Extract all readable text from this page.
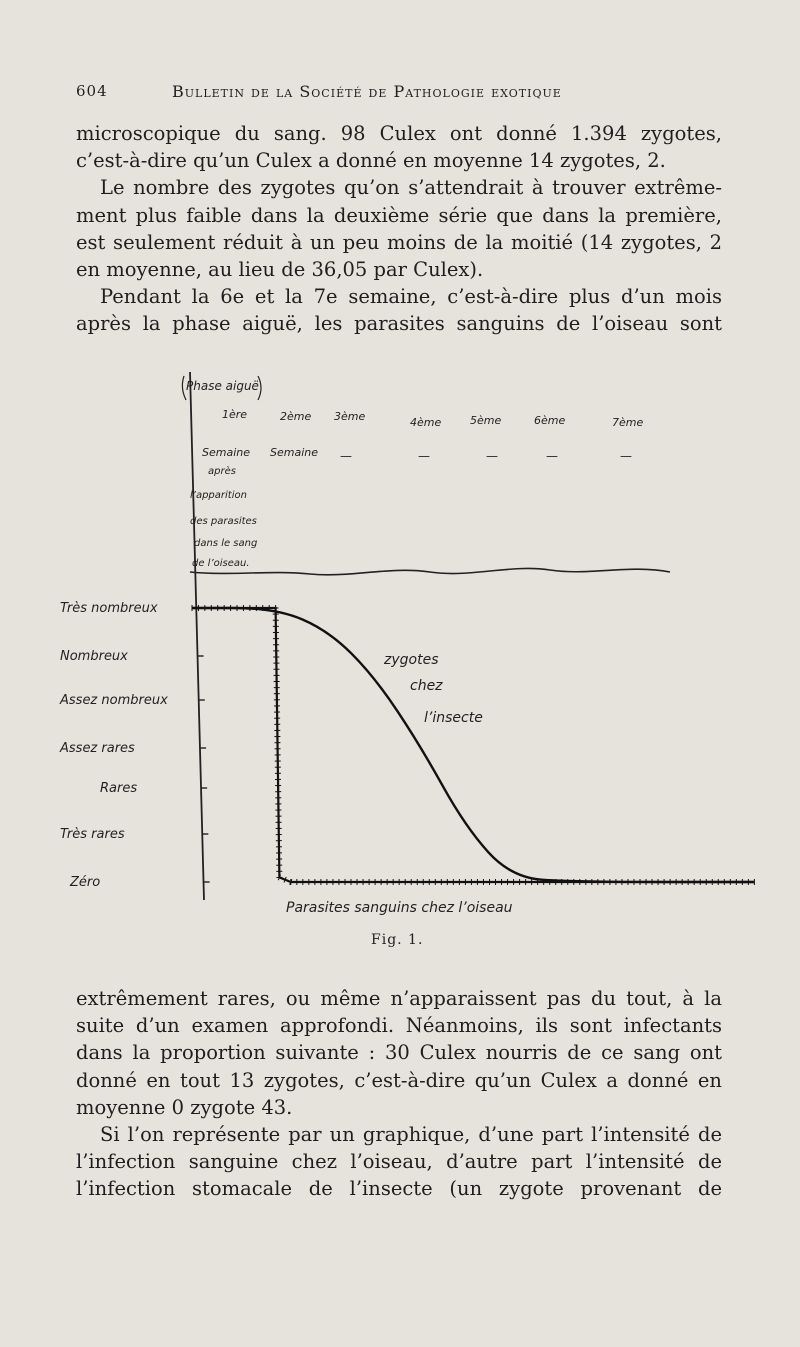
604	Bulletin de la Société de Pathologie exotique
microscopique du sang. 98 Culex ont donné 1.394 zygotes,
c’est-à-dire qu’un Culex a donné en moyenne 14 zygotes, 2.
Le nombre des zygotes qu’on s’attendrait à trouver extrême-
ment plus faible dans la deuxième série que dans la première,
est seulement réduit à un peu moins de la moitié (14 zygotes, 2
en moyenne, au lieu de 36,05 par Culex).
Pendant la 6e et la 7e semaine, c’est-à-dire plus d’un mois
après la phase aiguë, les parasites sanguins de l’oiseau sont
Phase aiguë
1ère	2ème 3ème	4ème	5ème	6ème	7ème
Semaine Semaine —	—	—	—	—
après
l’apparition
des parasites
dans le sang
de l’oiseau.
Très nombreux
Nombreux
Assez nombreux
Assez rares
Rares
Très rares
Zéro
zygotes
chez
l’insecte
Parasites sanguins chez l’oiseau
Fig. 1.
extrêmement rares, ou même n’apparaissent pas du tout, à la
suite d’un examen approfondi. Néanmoins, ils sont infectants
dans la proportion suivante : 30 Culex nourris de ce sang ont
donné en tout 13 zygotes, c’est-à-dire qu’un Culex a donné en
moyenne 0 zygote 43.
Si l’on représente par un graphique, d’une part l’intensité de
l’infection sanguine chez l’oiseau, d’autre part l’intensité de
l’infection stomacale de l’insecte (un zygote provenant de
